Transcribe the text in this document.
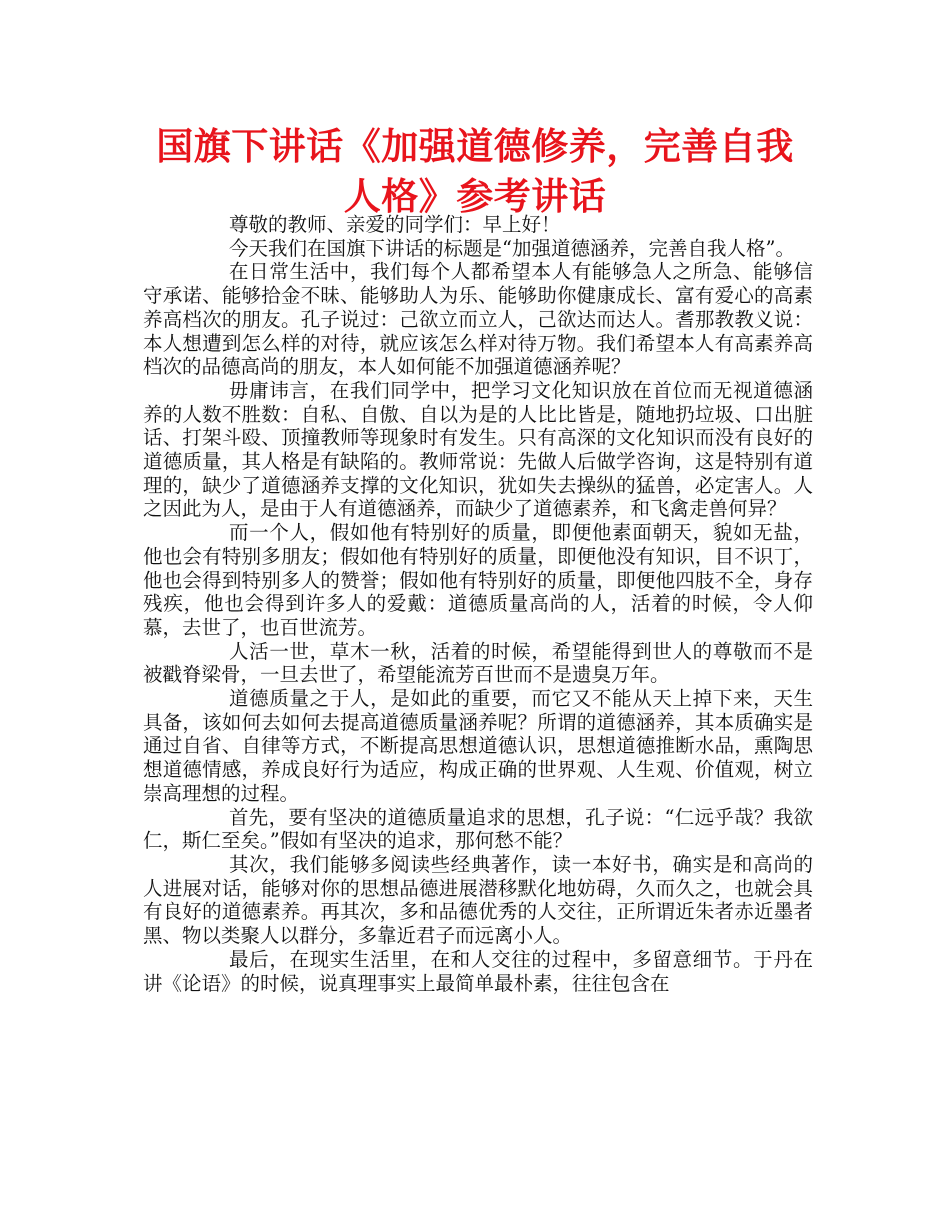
国旗下讲话《加强道德修养，完善自我人格》参考讲话

尊敬的教师、亲爱的同学们：早上好！

今天我们在国旗下讲话的标题是“加强道德涵养，完善自我人格”。

在日常生活中，我们每个人都希望本人有能够急人之所急、能够信守承诺、能够拾金不昧、能够助人为乐、能够助你健康成长、富有爱心的高素养高档次的朋友。孔子说过：己欲立而立人，己欲达而达人。耆那教教义说：本人想遭到怎么样的对待，就应该怎么样对待万物。我们希望本人有高素养高档次的品德高尚的朋友，本人如何能不加强道德涵养呢？

毋庸讳言，在我们同学中，把学习文化知识放在首位而无视道德涵养的人数不胜数：自私、自傲、自以为是的人比比皆是，随地扔垃圾、口出脏话、打架斗殴、顶撞教师等现象时有发生。只有高深的文化知识而没有良好的道德质量，其人格是有缺陷的。教师常说：先做人后做学咨询，这是特别有道理的，缺少了道德涵养支撑的文化知识，犹如失去操纵的猛兽，必定害人。人之因此为人，是由于人有道德涵养，而缺少了道德素养，和飞禽走兽何异？

而一个人，假如他有特别好的质量，即便他素面朝天，貌如无盐，他也会有特别多朋友；假如他有特别好的质量，即便他没有知识，目不识丁，他也会得到特别多人的赞誉；假如他有特别好的质量，即便他四肢不全，身存残疾，他也会得到许多人的爱戴：道德质量高尚的人，活着的时候，令人仰慕，去世了，也百世流芳。

人活一世，草木一秋，活着的时候，希望能得到世人的尊敬而不是被戳脊梁骨，一旦去世了，希望能流芳百世而不是遗臭万年。

道德质量之于人，是如此的重要，而它又不能从天上掉下来，天生具备，该如何去如何去提高道德质量涵养呢？所谓的道德涵养，其本质确实是通过自省、自律等方式，不断提高思想道德认识，思想道德推断水品，熏陶思想道德情感，养成良好行为适应，构成正确的世界观、人生观、价值观，树立崇高理想的过程。

首先，要有坚决的道德质量追求的思想，孔子说：“仁远乎哉？我欲仁，斯仁至矣。”假如有坚决的追求，那何愁不能？

其次，我们能够多阅读些经典著作，读一本好书，确实是和高尚的人进展对话，能够对你的思想品德进展潜移默化地妨碍，久而久之，也就会具有良好的道德素养。再其次，多和品德优秀的人交往，正所谓近朱者赤近墨者黑、物以类聚人以群分，多靠近君子而远离小人。

最后，在现实生活里，在和人交往的过程中，多留意细节。于丹在讲《论语》的时候，说真理事实上最简单最朴素，往往包含在
